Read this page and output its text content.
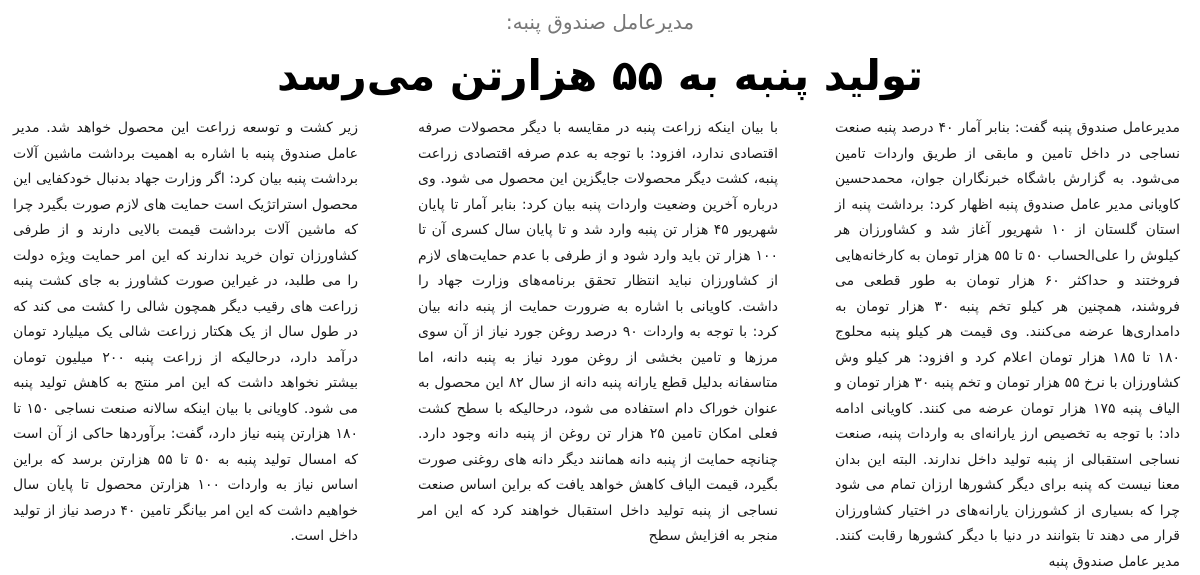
مدیرعامل صندوق پنبه:
تولید پنبه به ۵۵ هزارتن می‌رسد

مدیرعامل صندوق پنبه گفت: بنابر آمار ۴۰ درصد پنبه صنعت نساجی در داخل تامین و مابقی از طریق واردات تامین می‌شود. به گزارش باشگاه خبرنگاران جوان، محمدحسین کاویانی مدیر عامل صندوق پنبه اظهار کرد: برداشت پنبه از استان گلستان از ۱۰ شهریور آغاز شد و کشاورزان هر کیلوش را علی‌الحساب ۵۰ تا ۵۵ هزار تومان به کارخانه‌هایی فروختند و حداکثر ۶۰ هزار تومان به طور قطعی می فروشند، همچنین هر کیلو تخم پنبه ۳۰ هزار تومان به دامداری‌ها عرضه می‌کنند. وی قیمت هر کیلو پنبه محلوج ۱۸۰ تا ۱۸۵ هزار تومان اعلام کرد و افزود: هر کیلو وش کشاورزان با نرخ ۵۵ هزار تومان و تخم پنبه ۳۰ هزار تومان و الیاف پنبه ۱۷۵ هزار تومان عرضه می کنند. کاویانی ادامه داد: با توجه به تخصیص ارز یارانه‌ای به واردات پنبه، صنعت نساجی استقبالی از پنبه تولید داخل ندارند. البته این بدان معنا نیست که پنبه برای دیگر کشورها ارزان تمام می شود چرا که بسیاری از کشورزان یارانه‌های در اختیار کشاورزان قرار می دهند تا بتوانند در دنیا با دیگر کشورها رقابت کنند. مدیر عامل صندوق پنبه

با بیان اینکه زراعت پنبه در مقایسه با دیگر محصولات صرفه اقتصادی ندارد، افزود: با توجه به عدم صرفه اقتصادی زراعت پنبه، کشت دیگر محصولات جایگزین این محصول می شود. وی درباره آخرین وضعیت واردات پنبه بیان کرد: بنابر آمار تا پایان شهریور ۴۵ هزار تن پنبه وارد شد و تا پایان سال کسری آن تا ۱۰۰ هزار تن باید وارد شود و از طرفی با عدم حمایت‌های لازم از کشاورزان نباید انتظار تحقق برنامه‌های وزارت جهاد را داشت. کاویانی با اشاره به ضرورت حمایت از پنبه دانه بیان کرد: با توجه به واردات ۹۰ درصد روغن جورد نیاز از آن سوی مرزها و تامین بخشی از روغن مورد نیاز به پنبه دانه، اما متاسفانه بدلیل قطع یارانه پنبه دانه از سال ۸۲ این محصول به عنوان خوراک دام استفاده می شود، درحالیکه با سطح کشت فعلی امکان تامین ۲۵ هزار تن روغن از پنبه دانه وجود دارد. چنانچه حمایت از پنبه دانه همانند دیگر دانه های روغنی صورت بگیرد، قیمت الیاف کاهش خواهد یافت که براین اساس صنعت نساجی از پنبه تولید داخل استقبال خواهند کرد که این امر منجر به افزایش سطح

زیر کشت و توسعه زراعت این محصول خواهد شد. مدیر عامل صندوق پنبه با اشاره به اهمیت برداشت ماشین آلات برداشت پنبه بیان کرد: اگر وزارت جهاد بدنبال خودکفایی این محصول استراتژیک است حمایت های لازم صورت بگیرد چرا که ماشین آلات برداشت قیمت بالایی دارند و از طرفی کشاورزان توان خرید ندارند که این امر حمایت ویژه دولت را می طلبد، در غیراین صورت کشاورز به جای کشت پنبه زراعت های رقیب دیگر همچون شالی را کشت می کند که در طول سال از یک هکتار زراعت شالی یک میلیارد تومان درآمد دارد، درحالیکه از زراعت پنبه ۲۰۰ میلیون تومان بیشتر نخواهد داشت که این امر منتج به کاهش تولید پنبه می شود. کاویانی با بیان اینکه سالانه صنعت نساجی ۱۵۰ تا ۱۸۰ هزارتن پنبه نیاز دارد، گفت: برآوردها حاکی از آن است که امسال تولید پنبه به ۵۰ تا ۵۵ هزارتن برسد که براین اساس نیاز به واردات ۱۰۰ هزارتن محصول تا پایان سال خواهیم داشت که این امر بیانگر تامین ۴۰ درصد نیاز از تولید داخل است.
